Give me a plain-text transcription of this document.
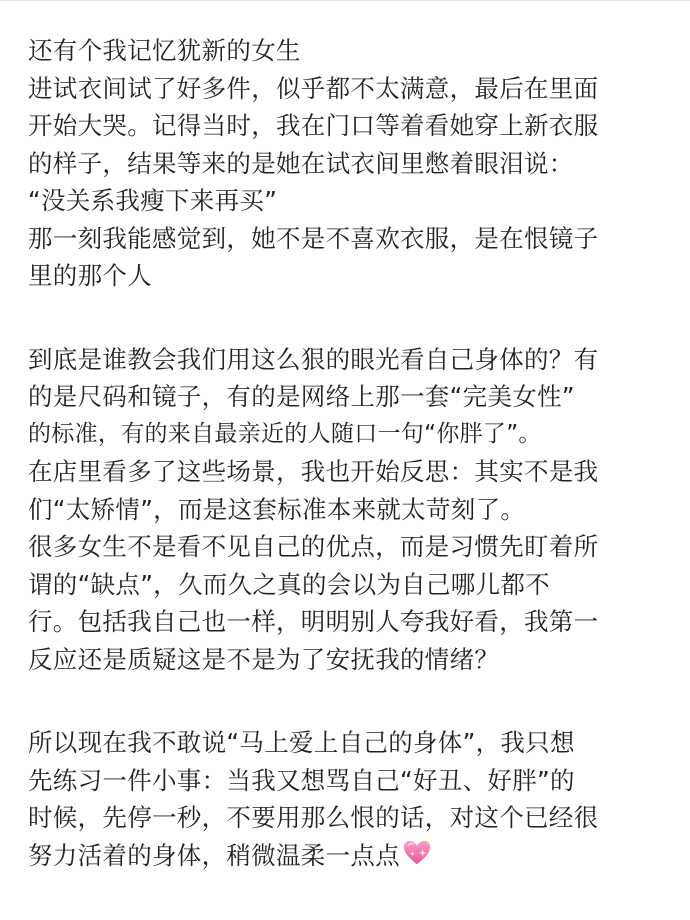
还有个我记忆犹新的女生
进试衣间试了好多件，似乎都不太满意，最后在里面
开始大哭。记得当时，我在门口等着看她穿上新衣服
的样子，结果等来的是她在试衣间里憋着眼泪说：
“没关系我瘦下来再买”
那一刻我能感觉到，她不是不喜欢衣服，是在恨镜子
里的那个人
到底是谁教会我们用这么狠的眼光看自己身体的？有
的是尺码和镜子，有的是网络上那一套“完美女性”
的标准，有的来自最亲近的人随口一句“你胖了”。
在店里看多了这些场景，我也开始反思：其实不是我
们“太矫情”，而是这套标准本来就太苛刻了。
很多女生不是看不见自己的优点，而是习惯先盯着所
谓的“缺点”，久而久之真的会以为自己哪儿都不
行。包括我自己也一样，明明别人夸我好看，我第一
反应还是质疑这是不是为了安抚我的情绪？
所以现在我不敢说“马上爱上自己的身体”，我只想
先练习一件小事：当我又想骂自己“好丑、好胖”的
时候，先停一秒，不要用那么恨的话，对这个已经很
努力活着的身体，稍微温柔一点点
